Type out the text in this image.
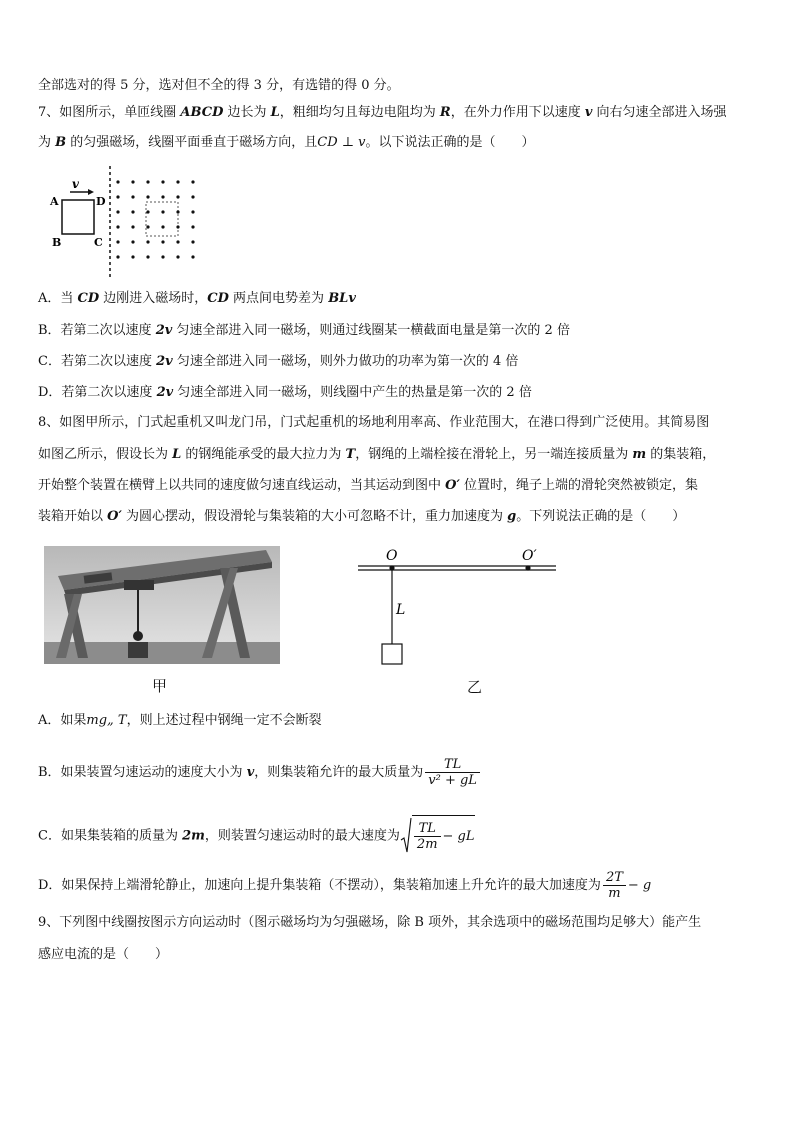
全部选对的得 5 分，选对但不全的得 3 分，有选错的得 0 分。
7、如图所示，单匝线圈 ABCD 边长为 L，粗细均匀且每边电阻均为 R，在外力作用下以速度 v 向右匀速全部进入场强
为 B 的匀强磁场，线圈平面垂直于磁场方向，且CD ⊥ v。以下说法正确的是（　　）
v
A
B	C
D
A．当 CD 边刚进入磁场时，CD 两点间电势差为 BLv
B．若第二次以速度 2v 匀速全部进入同一磁场，则通过线圈某一横截面电量是第一次的 2 倍
C．若第二次以速度 2v 匀速全部进入同一磁场，则外力做功的功率为第一次的 4 倍
D．若第二次以速度 2v 匀速全部进入同一磁场，则线圈中产生的热量是第一次的 2 倍
8、如图甲所示，门式起重机又叫龙门吊，门式起重机的场地利用率高、作业范围大，在港口得到广泛使用。其简易图
如图乙所示，假设长为 L 的钢绳能承受的最大拉力为 T，钢绳的上端栓接在滑轮上，另一端连接质量为 m 的集装箱，
开始整个装置在横臂上以共同的速度做匀速直线运动，当其运动到图中 O′ 位置时，绳子上端的滑轮突然被锁定，集
装箱开始以 O′ 为圆心摆动，假设滑轮与集装箱的大小可忽略不计，重力加速度为 g。下列说法正确的是（　　）
甲
O	O′
L
乙
A．如果mg„ T，则上述过程中钢绳一定不会断裂
B．如果装置匀速运动的速度大小为 v，则集装箱允许的最大质量为 $\frac{TL}{\text{v² + gL}}$
C．如果集装箱的质量为 2m，则装置匀速运动时的最大速度为 $\frac{TL}{2m}$ − gL
D．如果保持上端滑轮静止，加速向上提升集装箱（不摆动），集装箱加速上升允许的最大加速度为 $\frac{2T}{m} - g$
9、下列图中线圈按图示方向运动时（图示磁场均为匀强磁场，除 B 项外，其余选项中的磁场范围均足够大）能产生
感应电流的是（　　）
